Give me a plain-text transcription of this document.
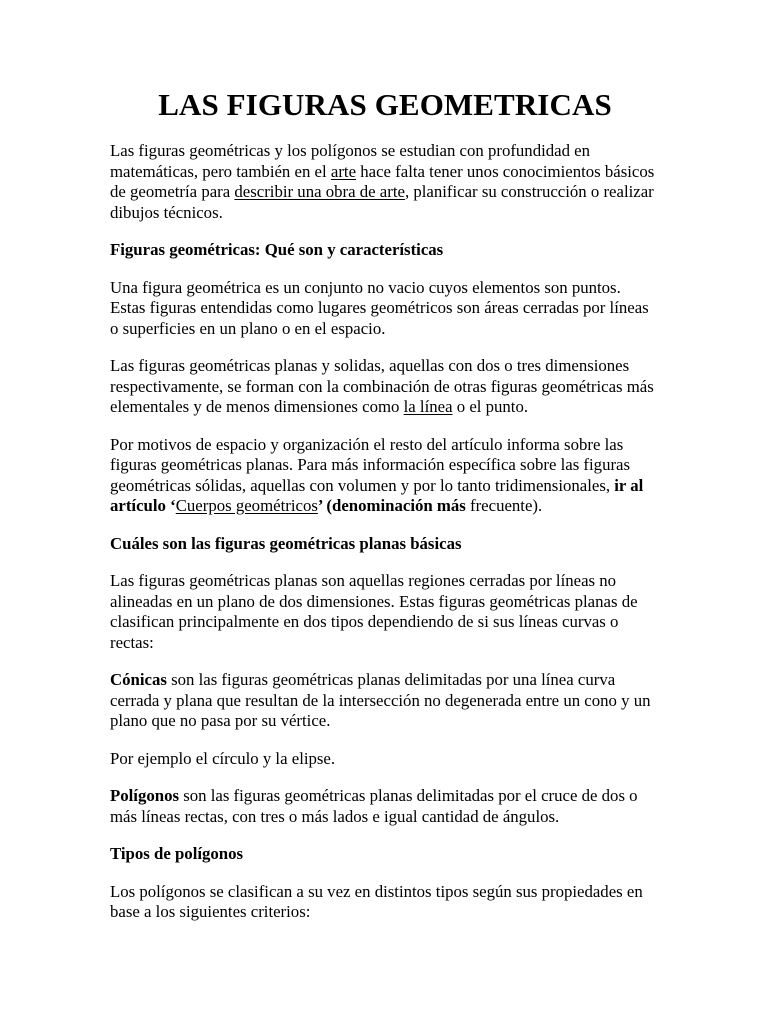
LAS FIGURAS GEOMETRICAS

Las figuras geométricas y los polígonos se estudian con profundidad en matemáticas, pero también en el arte hace falta tener unos conocimientos básicos de geometría para describir una obra de arte, planificar su construcción o realizar dibujos técnicos.

Figuras geométricas: Qué son y características

Una figura geométrica es un conjunto no vacio cuyos elementos son puntos. Estas figuras entendidas como lugares geométricos son áreas cerradas por líneas o superficies en un plano o en el espacio.

Las figuras geométricas planas y solidas, aquellas con dos o tres dimensiones respectivamente, se forman con la combinación de otras figuras geométricas más elementales y de menos dimensiones como la línea o el punto.

Por motivos de espacio y organización el resto del artículo informa sobre las figuras geométricas planas. Para más información específica sobre las figuras geométricas sólidas, aquellas con volumen y por lo tanto tridimensionales, ir al artículo ‘Cuerpos geométricos’ (denominación más frecuente).

Cuáles son las figuras geométricas planas básicas

Las figuras geométricas planas son aquellas regiones cerradas por líneas no alineadas en un plano de dos dimensiones. Estas figuras geométricas planas de clasifican principalmente en dos tipos dependiendo de si sus líneas curvas o rectas:

Cónicas son las figuras geométricas planas delimitadas por una línea curva cerrada y plana que resultan de la intersección no degenerada entre un cono y un plano que no pasa por su vértice.

Por ejemplo el círculo y la elipse.

Polígonos son las figuras geométricas planas delimitadas por el cruce de dos o más líneas rectas, con tres o más lados e igual cantidad de ángulos.

Tipos de polígonos

Los polígonos se clasifican a su vez en distintos tipos según sus propiedades en base a los siguientes criterios:
